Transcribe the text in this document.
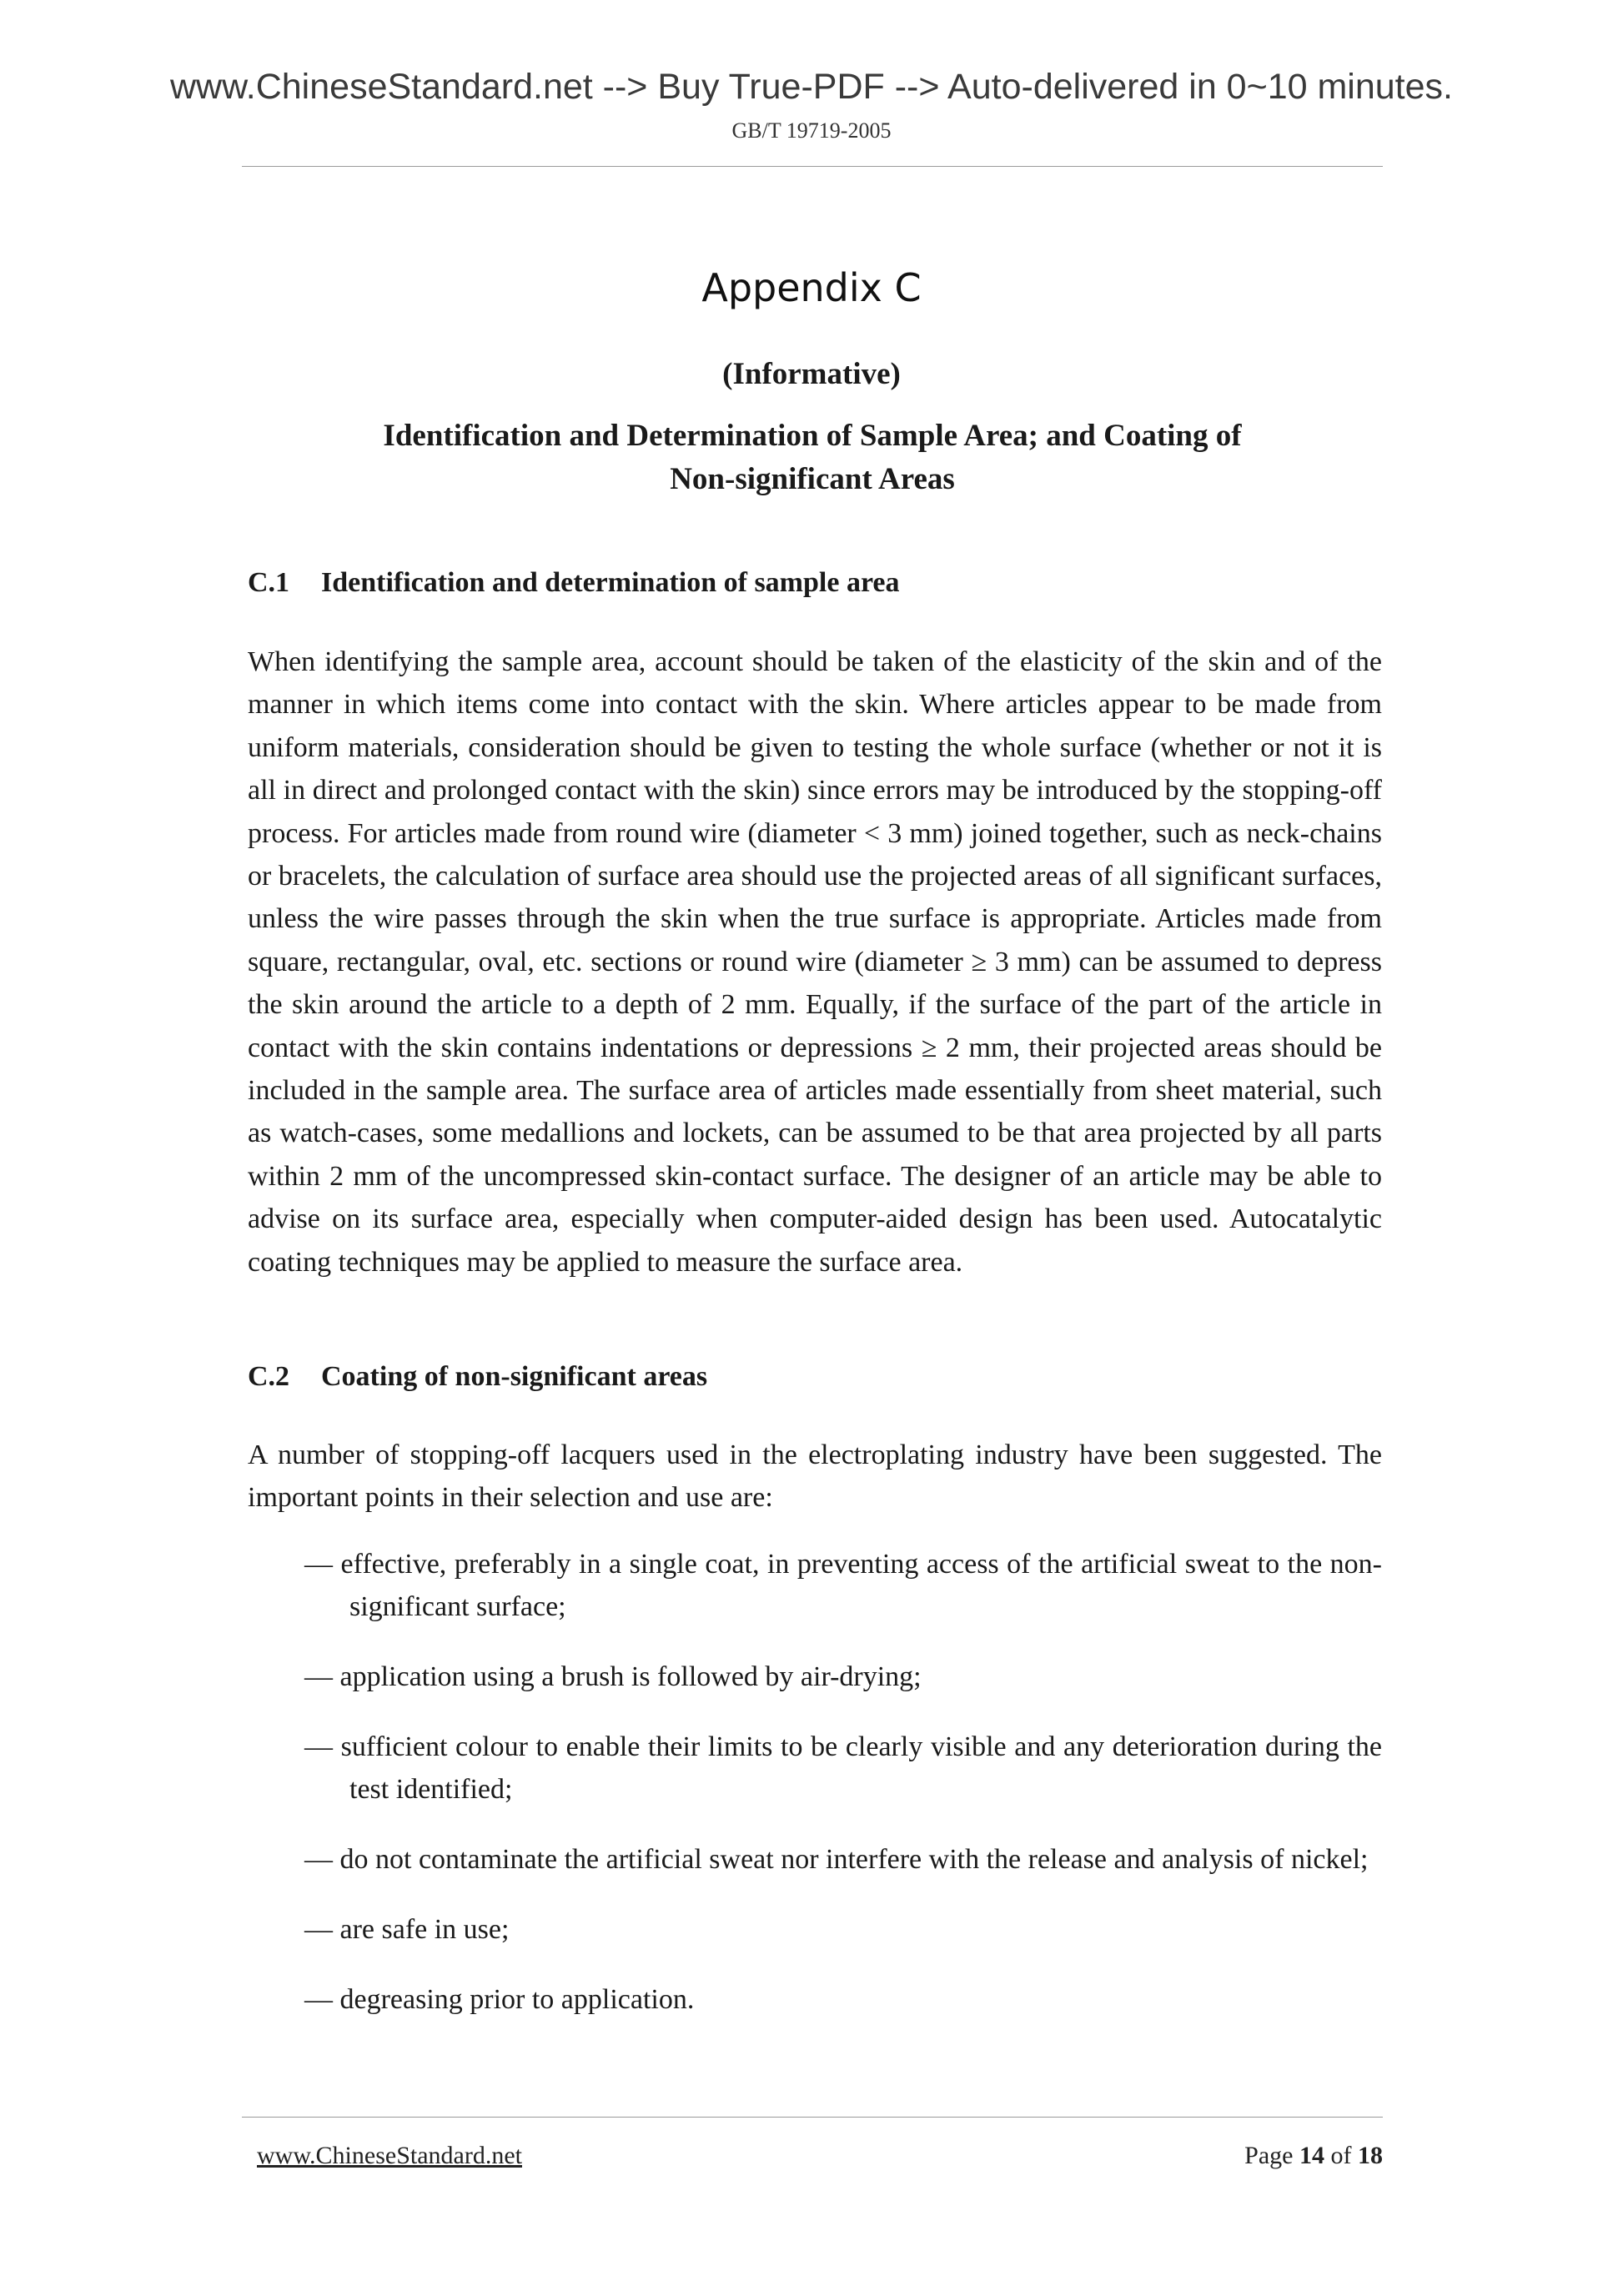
www.ChineseStandard.net --> Buy True-PDF --> Auto-delivered in 0~10 minutes.
GB/T 19719-2005
Appendix C
(Informative)
Identification and Determination of Sample Area; and Coating of
Non-significant Areas
C.1 Identification and determination of sample area
When identifying the sample area, account should be taken of the elasticity of the skin and of the manner in which items come into contact with the skin. Where articles appear to be made from uniform materials, consideration should be given to testing the whole surface (whether or not it is all in direct and prolonged contact with the skin) since errors may be introduced by the stopping-off process. For articles made from round wire (diameter < 3 mm) joined together, such as neck-chains or bracelets, the calculation of surface area should use the projected areas of all significant surfaces, unless the wire passes through the skin when the true surface is appropriate. Articles made from square, rectangular, oval, etc. sections or round wire (diameter ≥ 3 mm) can be assumed to depress the skin around the article to a depth of 2 mm. Equally, if the surface of the part of the article in contact with the skin contains indentations or depressions ≥ 2 mm, their projected areas should be included in the sample area. The surface area of articles made essentially from sheet material, such as watch-cases, some medallions and lockets, can be assumed to be that area projected by all parts within 2 mm of the uncompressed skin-contact surface. The designer of an article may be able to advise on its surface area, especially when computer-aided design has been used. Autocatalytic coating techniques may be applied to measure the surface area.
C.2 Coating of non-significant areas
A number of stopping-off lacquers used in the electroplating industry have been suggested. The important points in their selection and use are:
— effective, preferably in a single coat, in preventing access of the artificial sweat to the non-significant surface;
— application using a brush is followed by air-drying;
— sufficient colour to enable their limits to be clearly visible and any deterioration during the test identified;
— do not contaminate the artificial sweat nor interfere with the release and analysis of nickel;
— are safe in use;
— degreasing prior to application.
www.ChineseStandard.net	Page 14 of 18
